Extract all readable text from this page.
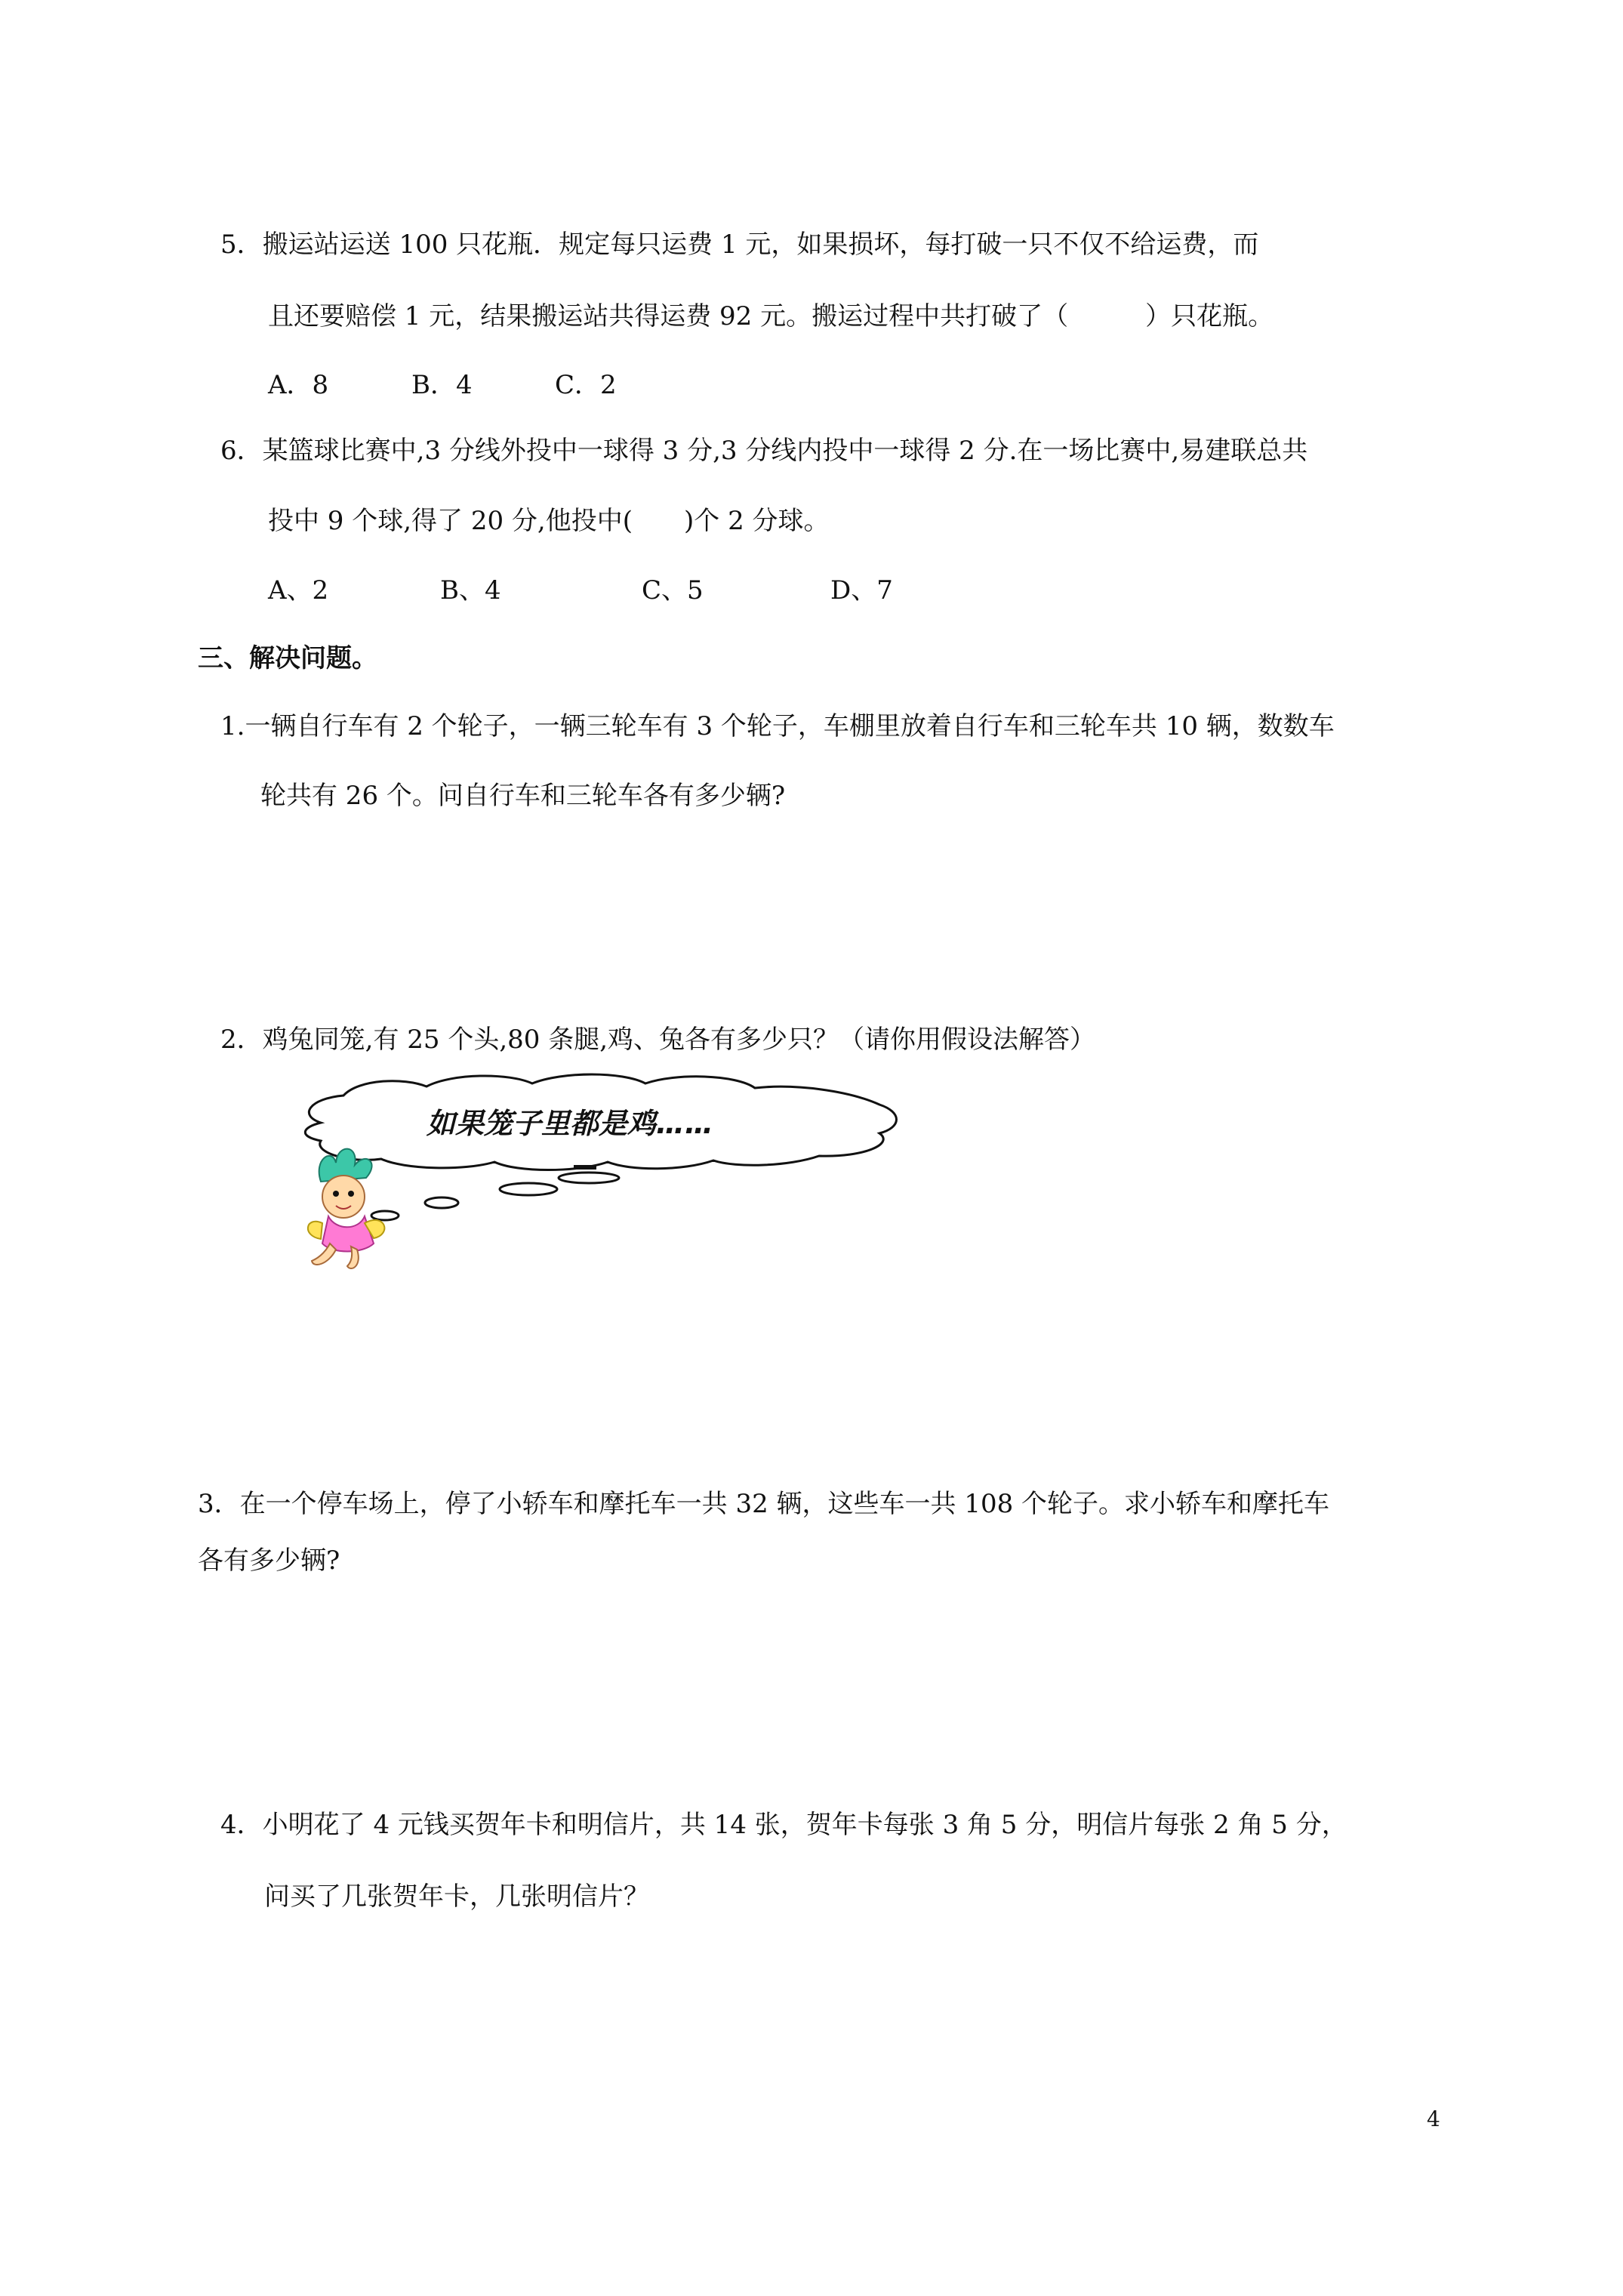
5．搬运站运送 100 只花瓶．规定每只运费 1 元，如果损坏，每打破一只不仅不给运费，而
且还要赔偿 1 元，结果搬运站共得运费 92 元。搬运过程中共打破了（　　　）只花瓶。
A．8	B．4	C．2
6．某篮球比赛中,3 分线外投中一球得 3 分,3 分线内投中一球得 2 分.在一场比赛中,易建联总共
投中 9 个球,得了 20 分,他投中(　　)个 2 分球。
A、2	B、4	C、5	D、7
三、解决问题。
1.一辆自行车有 2 个轮子，一辆三轮车有 3 个轮子，车棚里放着自行车和三轮车共 10 辆，数数车
轮共有 26 个。问自行车和三轮车各有多少辆?
2．鸡兔同笼,有 25 个头,80 条腿,鸡、兔各有多少只？（请你用假设法解答）
如果笼子里都是鸡……
3．在一个停车场上，停了小轿车和摩托车一共 32 辆，这些车一共 108 个轮子。求小轿车和摩托车
各有多少辆?
4．小明花了 4 元钱买贺年卡和明信片，共 14 张，贺年卡每张 3 角 5 分，明信片每张 2 角 5 分，
问买了几张贺年卡，几张明信片？
4
